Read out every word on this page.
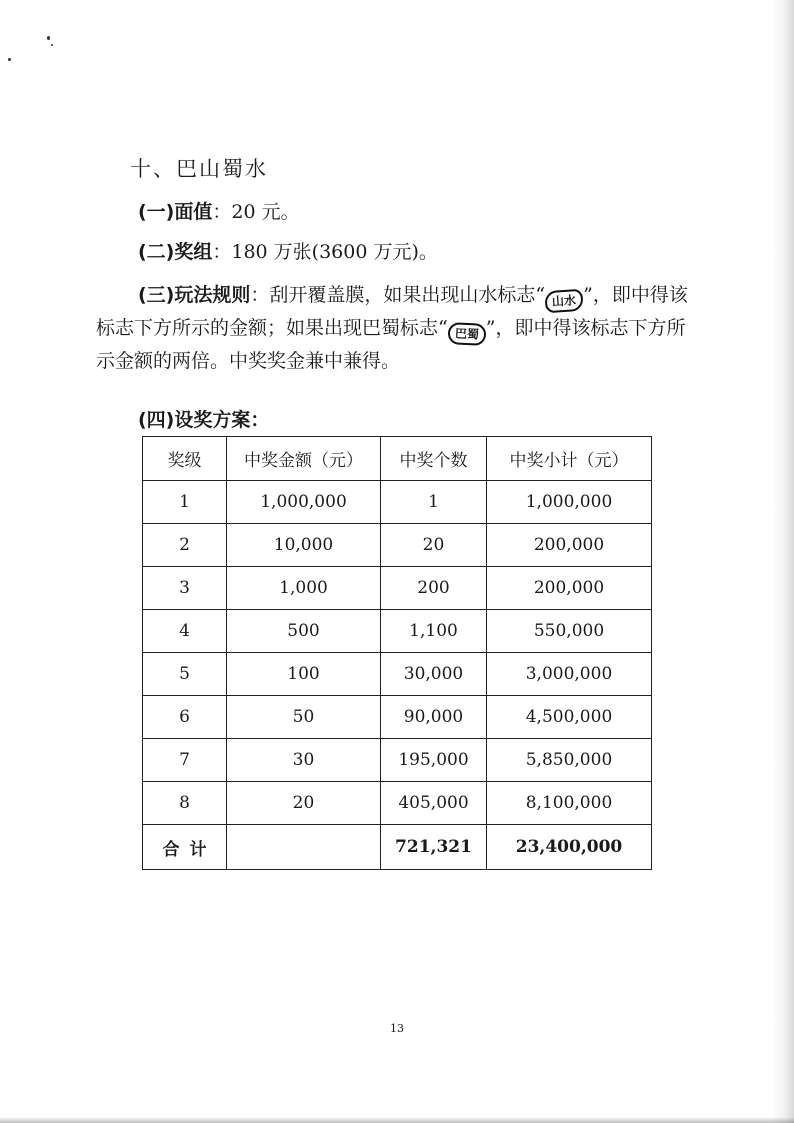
十、巴山蜀水

(一)面值：20 元。

(二)奖组：180 万张(3600 万元)。

(三)玩法规则：刮开覆盖膜，如果出现山水标志“ 山水 ”，即中得该标志下方所示的金额；如果出现巴蜀标志“ 巴蜀 ”，即中得该标志下方所示金额的两倍。中奖奖金兼中兼得。

(四)设奖方案：

奖级	中奖金额（元）	中奖个数	中奖小计（元）
1	1,000,000	1	1,000,000
2	10,000	20	200,000
3	1,000	200	200,000
4	500	1,100	550,000
5	100	30,000	3,000,000
6	50	90,000	4,500,000
7	30	195,000	5,850,000
8	20	405,000	8,100,000
合计		721,321	23,400,000
13
